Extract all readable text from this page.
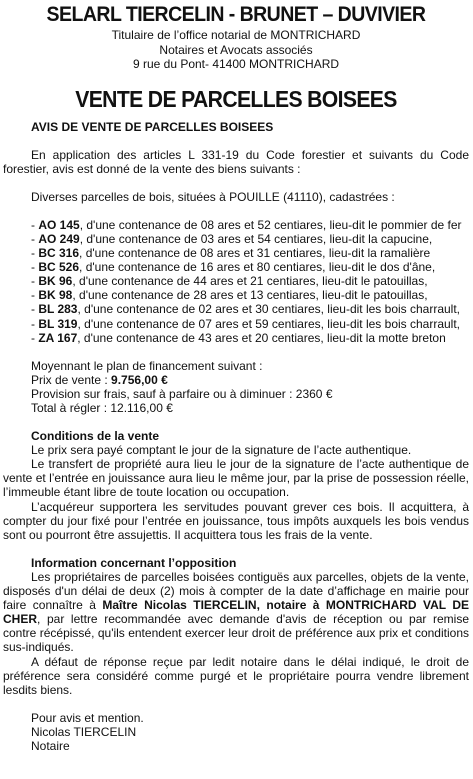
SELARL TIERCELIN - BRUNET – DUVIVIER
Titulaire de l’office notarial de MONTRICHARD
Notaires et Avocats associés
9 rue du Pont- 41400 MONTRICHARD
VENTE DE PARCELLES BOISEES
AVIS DE VENTE DE PARCELLES BOISEES

En application des articles L 331-19 du Code forestier et suivants du Code forestier, avis est donné de la vente des biens suivants :

Diverses parcelles de bois, situées à POUILLE (41110), cadastrées :

- AO 145, d'une contenance de 08 ares et 52 centiares, lieu-dit le pommier de fer
- AO 249, d'une contenance de 03 ares et 54 centiares, lieu-dit la capucine,
- BC 316, d'une contenance de 08 ares et 31 centiares, lieu-dit la ramalière
- BC 526, d'une contenance de 16 ares et 80 centiares, lieu-dit le dos d'âne,
- BK 96, d'une contenance de 44 ares et 21 centiares, lieu-dit le patouillas,
- BK 98, d'une contenance de 28 ares et 13 centiares, lieu-dit le patouillas,
- BL 283, d'une contenance de 02 ares et 30 centiares, lieu-dit les bois charrault,
- BL 319, d'une contenance de 07 ares et 59 centiares, lieu-dit les bois charrault,
- ZA 167, d'une contenance de 43 ares et 20 centiares, lieu-dit la motte breton
Moyennant le plan de financement suivant :
Prix de vente : 9.756,00 €
Provision sur frais, sauf à parfaire ou à diminuer : 2360 €
Total à régler : 12.116,00 €
Conditions de la vente

Le prix sera payé comptant le jour de la signature de l’acte authentique.

Le transfert de propriété aura lieu le jour de la signature de l’acte authentique de vente et l’entrée en jouissance aura lieu le même jour, par la prise de possession réelle, l’immeuble étant libre de toute location ou occupation.

L’acquéreur supportera les servitudes pouvant grever ces bois. Il acquittera, à compter du jour fixé pour l’entrée en jouissance, tous impôts auxquels les bois vendus sont ou pourront être assujettis. Il acquittera tous les frais de la vente.

Information concernant l’opposition

Les propriétaires de parcelles boisées contiguës aux parcelles, objets de la vente, disposés d'un délai de deux (2) mois à compter de la date d’affichage en mairie pour faire connaître à Maître Nicolas TIERCELIN, notaire à MONTRICHARD VAL DE CHER, par lettre recommandée avec demande d'avis de réception ou par remise contre récépissé, qu'ils entendent exercer leur droit de préférence aux prix et conditions sus-indiqués.

A défaut de réponse reçue par ledit notaire dans le délai indiqué, le droit de préférence sera considéré comme purgé et le propriétaire pourra vendre librement lesdits biens.

Pour avis et mention.
Nicolas TIERCELIN
Notaire
